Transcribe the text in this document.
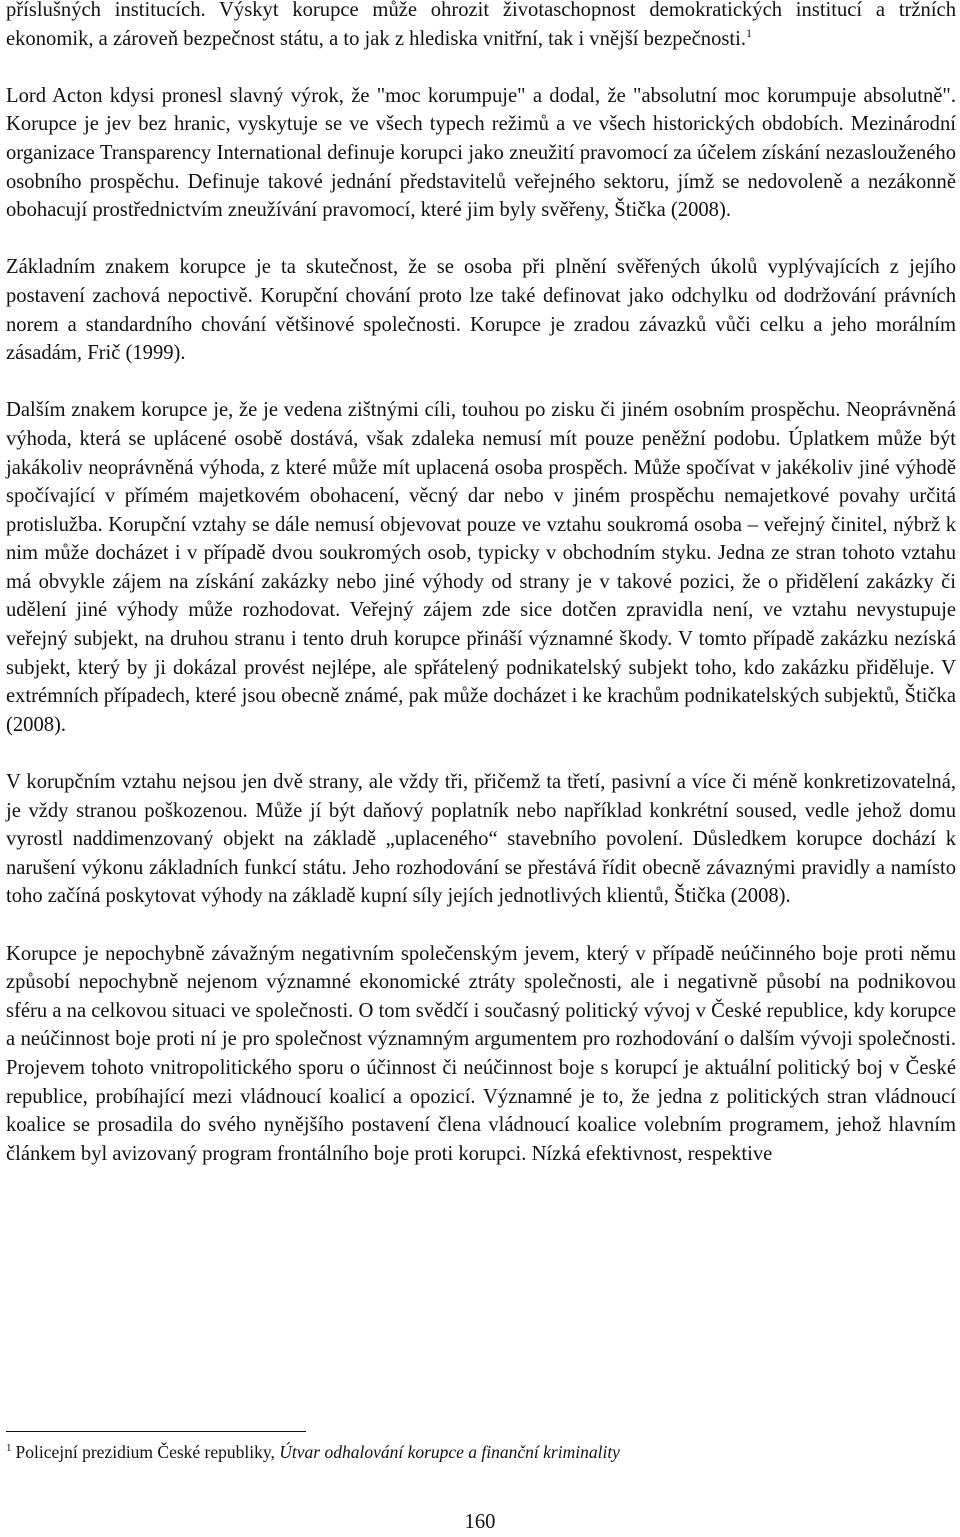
příslušných institucích. Výskyt korupce může ohrozit životaschopnost demokratických institucí a tržních ekonomik, a zároveň bezpečnost státu, a to jak z hlediska vnitřní, tak i vnější bezpečnosti.$^1$

Lord Acton kdysi pronesl slavný výrok, že "moc korumpuje" a dodal, že "absolutní moc korumpuje absolutně". Korupce je jev bez hranic, vyskytuje se ve všech typech režimů a ve všech historických obdobích. Mezinárodní organizace Transparency International definuje korupci jako zneužití pravomocí za účelem získání nezaslouženého osobního prospěchu. Definuje takové jednání představitelů veřejného sektoru, jímž se nedovoleně a nezákonně obohacují prostřednictvím zneužívání pravomocí, které jim byly svěřeny, Štička (2008).

Základním znakem korupce je ta skutečnost, že se osoba při plnění svěřených úkolů vyplývajících z jejího postavení zachová nepoctivě. Korupční chování proto lze také definovat jako odchylku od dodržování právních norem a standardního chování většinové společnosti. Korupce je zradou závazků vůči celku a jeho morálním zásadám, Frič (1999).

Dalším znakem korupce je, že je vedena zištnými cíli, touhou po zisku či jiném osobním prospěchu. Neoprávněná výhoda, která se uplácené osobě dostává, však zdaleka nemusí mít pouze peněžní podobu. Úplatkem může být jakákoliv neoprávněná výhoda, z které může mít uplacená osoba prospěch. Může spočívat v jakékoliv jiné výhodě spočívající v přímém majetkovém obohacení, věcný dar nebo v jiném prospěchu nemajetkové povahy určitá protislužba. Korupční vztahy se dále nemusí objevovat pouze ve vztahu soukromá osoba – veřejný činitel, nýbrž k nim může docházet i v případě dvou soukromých osob, typicky v obchodním styku. Jedna ze stran tohoto vztahu má obvykle zájem na získání zakázky nebo jiné výhody od strany je v takové pozici, že o přidělení zakázky či udělení jiné výhody může rozhodovat. Veřejný zájem zde sice dotčen zpravidla není, ve vztahu nevystupuje veřejný subjekt, na druhou stranu i tento druh korupce přináší významné škody. V tomto případě zakázku nezíská subjekt, který by ji dokázal provést nejlépe, ale spřátelený podnikatelský subjekt toho, kdo zakázku přiděluje. V extrémních případech, které jsou obecně známé, pak může docházet i ke krachům podnikatelských subjektů, Štička (2008).

V korupčním vztahu nejsou jen dvě strany, ale vždy tři, přičemž ta třetí, pasivní a více či méně konkretizovatelná, je vždy stranou poškozenou. Může jí být daňový poplatník nebo například konkrétní soused, vedle jehož domu vyrostl naddimenzovaný objekt na základě „uplaceného“ stavebního povolení. Důsledkem korupce dochází k narušení výkonu základních funkcí státu. Jeho rozhodování se přestává řídit obecně závaznými pravidly a namísto toho začíná poskytovat výhody na základě kupní síly jejích jednotlivých klientů, Štička (2008).

Korupce je nepochybně závažným negativním společenským jevem, který v případě neúčinného boje proti němu způsobí nepochybně nejenom významné ekonomické ztráty společnosti, ale i negativně působí na podnikovou sféru a na celkovou situaci ve společnosti. O tom svědčí i současný politický vývoj v České republice, kdy korupce a neúčinnost boje proti ní je pro společnost významným argumentem pro rozhodování o dalším vývoji společnosti. Projevem tohoto vnitropolitického sporu o účinnost či neúčinnost boje s korupcí je aktuální politický boj v České republice, probíhající mezi vládnoucí koalicí a opozicí. Významné je to, že jedna z politických stran vládnoucí koalice se prosadila do svého nynějšího postavení člena vládnoucí koalice volebním programem, jehož hlavním článkem byl avizovaný program frontálního boje proti korupci. Nízká efektivnost, respektive

$^1$ Policejní prezidium České republiky, Útvar odhalování korupce a finanční kriminality
160
